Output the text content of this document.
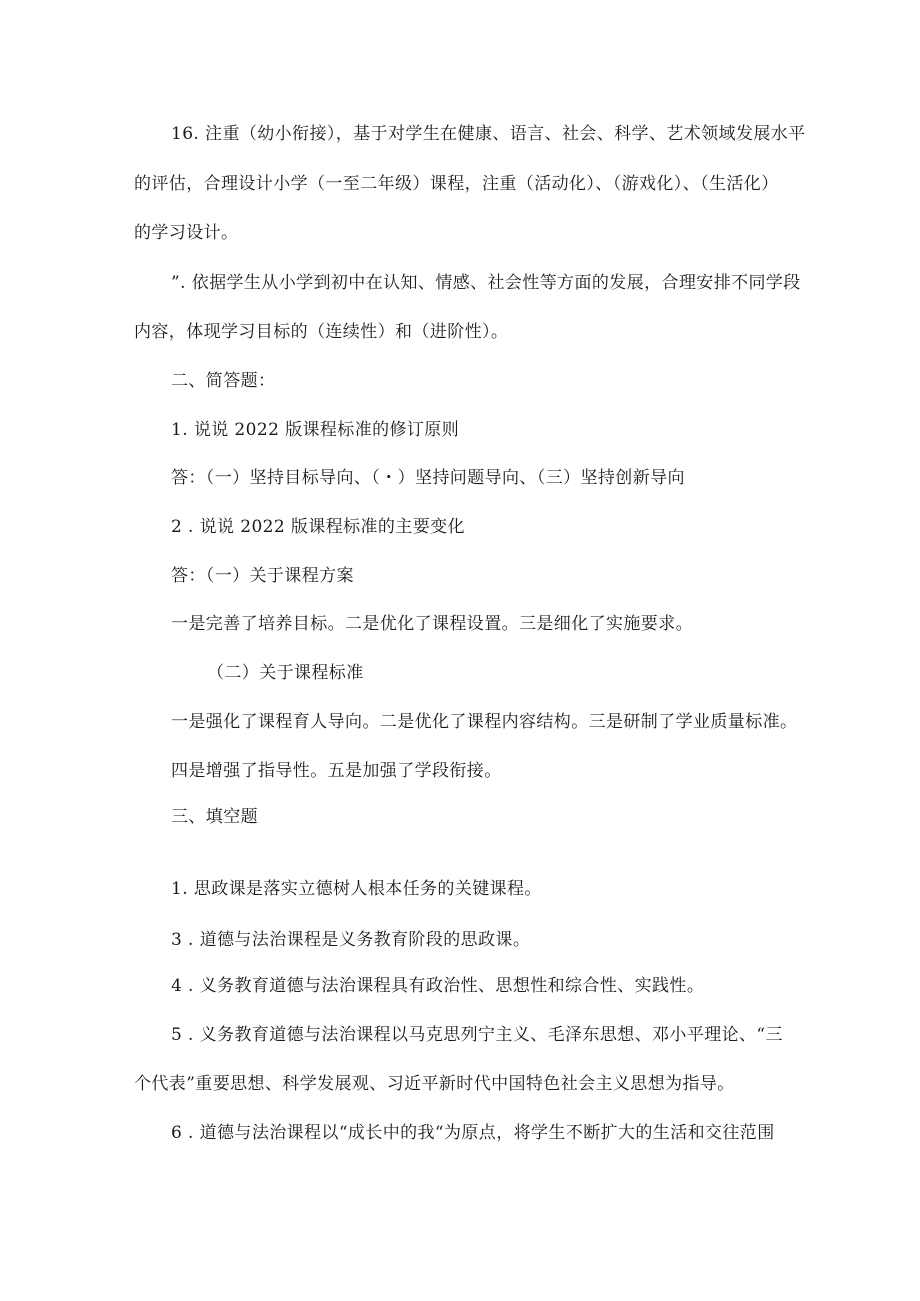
16. 注重（幼小衔接），基于对学生在健康、语言、社会、科学、艺术领域发展水平
的评估，合理设计小学（一至二年级）课程，注重（活动化）、（游戏化）、（生活化）
的学习设计。
”. 依据学生从小学到初中在认知、情感、社会性等方面的发展，合理安排不同学段
内容，体现学习目标的（连续性）和（进阶性）。
二、简答题：
1. 说说 2022 版课程标准的修订原则
答：（一）坚持目标导向、（・）坚持问题导向、（三）坚持创新导向
2 . 说说 2022 版课程标准的主要变化
答：（一）关于课程方案
一是完善了培养目标。二是优化了课程设置。三是细化了实施要求。
（二）关于课程标准
一是强化了课程育人导向。二是优化了课程内容结构。三是研制了学业质量标准。
四是增强了指导性。五是加强了学段衔接。
三、填空题
1. 思政课是落实立德树人根本任务的关键课程。
3 . 道德与法治课程是义务教育阶段的思政课。
4 . 义务教育道德与法治课程具有政治性、思想性和综合性、实践性。
5 . 义务教育道德与法治课程以马克思列宁主义、毛泽东思想、邓小平理论、“三
个代表”重要思想、科学发展观、习近平新时代中国特色社会主义思想为指导。
6 . 道德与法治课程以“成长中的我“为原点，将学生不断扩大的生活和交往范围
